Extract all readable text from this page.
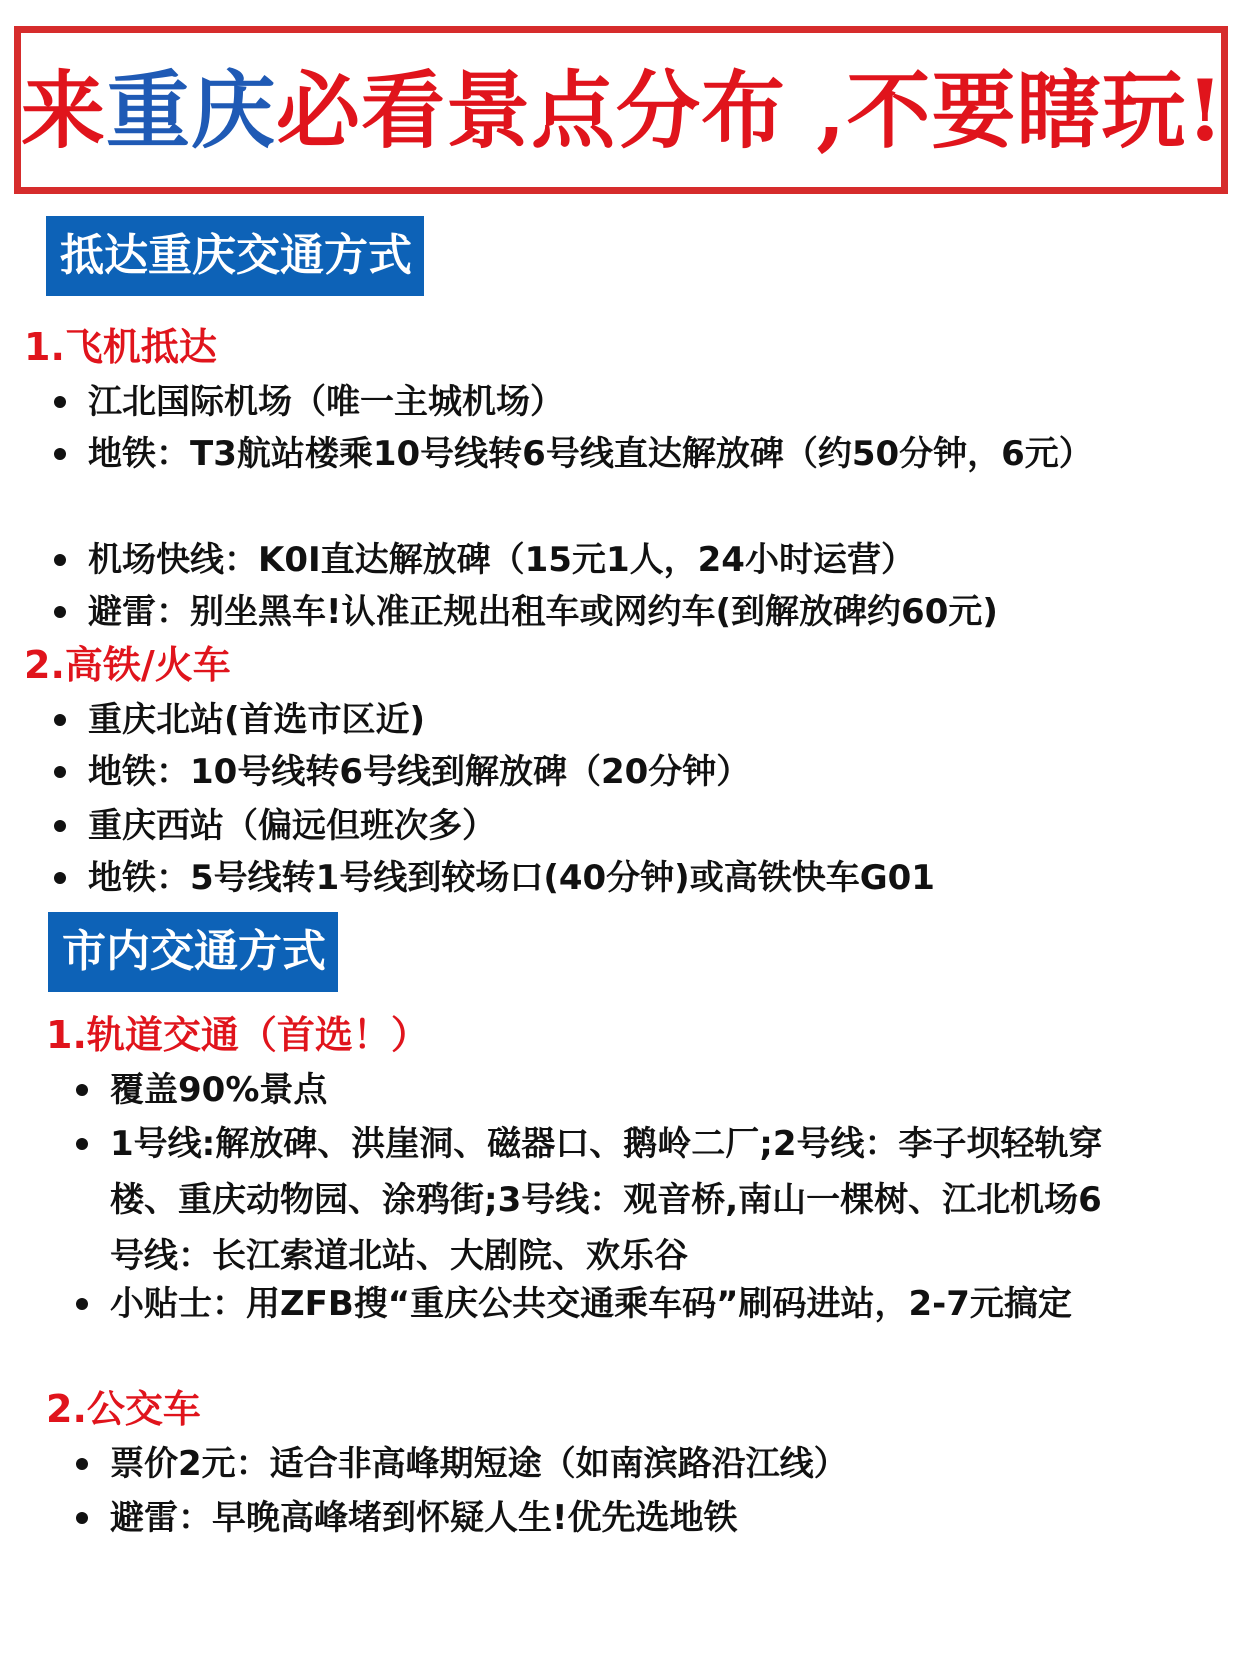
来重庆必看景点分布 ,不要瞎玩!
抵达重庆交通方式
1.飞机抵达
江北国际机场（唯一主城机场）
地铁：T3航站楼乘10号线转6号线直达解放碑（约50分钟，6元）
机场快线：K0I直达解放碑（15元1人，24小时运营）
避雷：别坐黑车!认准正规出租车或网约车(到解放碑约60元)
2.高铁/火车
重庆北站(首选市区近)
地铁：10号线转6号线到解放碑（20分钟）
重庆西站（偏远但班次多）
地铁：5号线转1号线到较场口(40分钟)或高铁快车G01
市内交通方式
1.轨道交通（首选！）
覆盖90%景点
1号线:解放碑、洪崖洞、磁器口、鹅岭二厂;2号线：李子坝轻轨穿楼、重庆动物园、涂鸦街;3号线：观音桥,南山一棵树、江北机场6号线：长江索道北站、大剧院、欢乐谷
小贴士：用ZFB搜“重庆公共交通乘车码”刷码进站，2-7元搞定
2.公交车
票价2元：适合非高峰期短途（如南滨路沿江线）
避雷：早晚高峰堵到怀疑人生!优先选地铁
